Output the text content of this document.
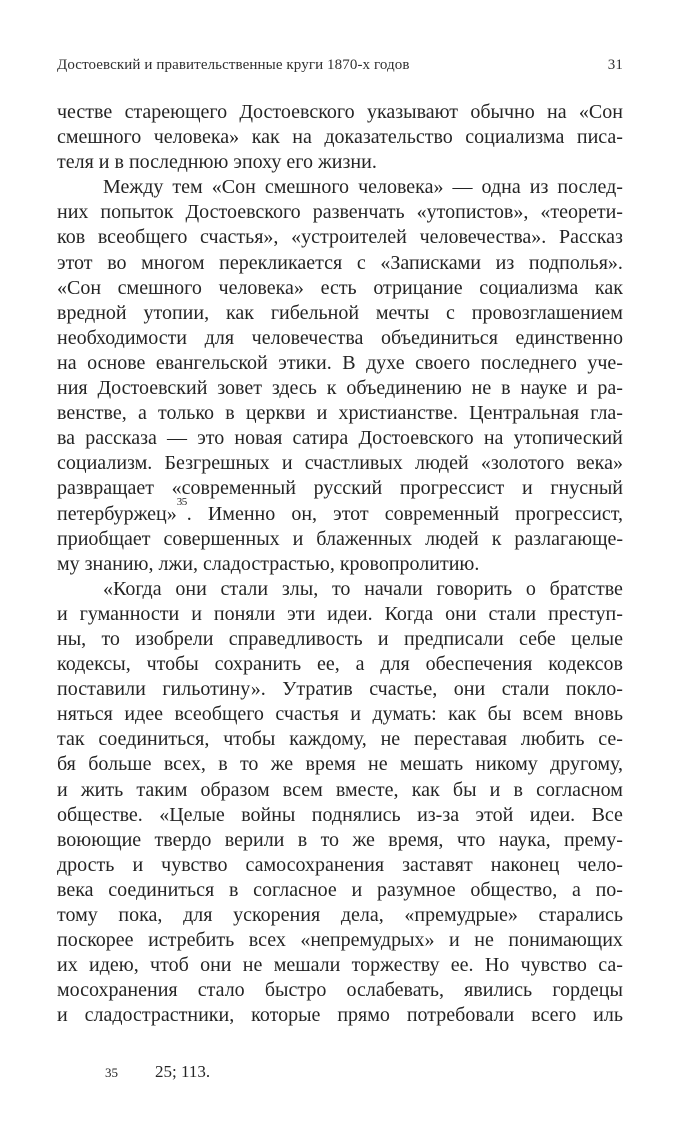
Достоевский и правительственные круги 1870-х годов	31
честве стареющего Достоевского указывают обычно на «Сон
смешного человека» как на доказательство социализма писа-
теля и в последнюю эпоху его жизни.
Между тем «Сон смешного человека» — одна из послед-
них попыток Достоевского развенчать «утопистов», «теорети-
ков всеобщего счастья», «устроителей человечества». Рассказ
этот во многом перекликается с «Записками из подполья».
«Сон смешного человека» есть отрицание социализма как
вредной утопии, как гибельной мечты с провозглашением
необходимости для человечества объединиться единственно
на основе евангельской этики. В духе своего последнего уче-
ния Достоевский зовет здесь к объединению не в науке и ра-
венстве, а только в церкви и христианстве. Центральная гла-
ва рассказа — это новая сатира Достоевского на утопический
социализм. Безгрешных и счастливых людей «золотого века»
развращает «современный русский прогрессист и гнусный
петербуржец»$^{35}$. Именно он, этот современный прогрессист,
приобщает совершенных и блаженных людей к разлагающе-
му знанию, лжи, сладострастью, кровопролитию.
«Когда они стали злы, то начали говорить о братстве
и гуманности и поняли эти идеи. Когда они стали преступ-
ны, то изобрели справедливость и предписали себе целые
кодексы, чтобы сохранить ее, а для обеспечения кодексов
поставили гильотину». Утратив счастье, они стали покло-
няться идее всеобщего счастья и думать: как бы всем вновь
так соединиться, чтобы каждому, не переставая любить се-
бя больше всех, в то же время не мешать никому другому,
и жить таким образом всем вместе, как бы и в согласном
обществе. «Целые войны поднялись из-за этой идеи. Все
воюющие твердо верили в то же время, что наука, прему-
дрость и чувство самосохранения заставят наконец чело-
века соединиться в согласное и разумное общество, а по-
тому пока, для ускорения дела, «премудрые» старались
поскорее истребить всех «непремудрых» и не понимающих
их идею, чтоб они не мешали торжеству ее. Но чувство са-
мосохранения стало быстро ослабевать, явились гордецы
и сладострастники, которые прямо потребовали всего иль
35 25; 113.
